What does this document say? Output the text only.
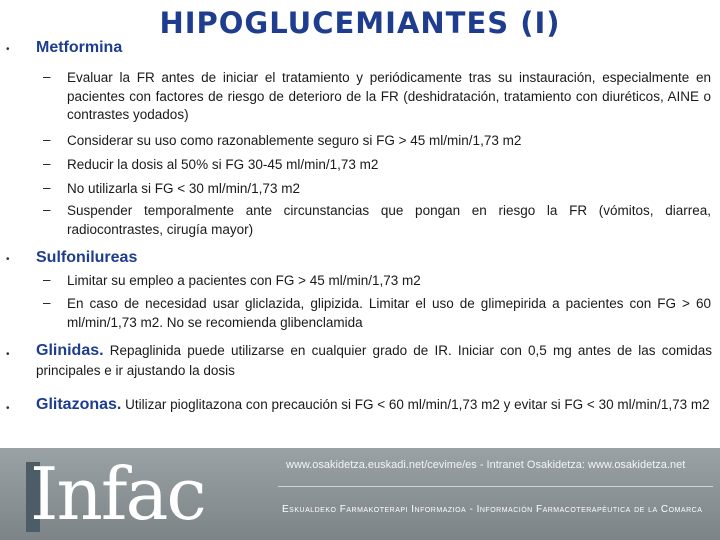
HIPOGLUCEMIANTES (I)
• Metformina
– Evaluar la FR antes de iniciar el tratamiento y periódicamente tras su instauración, especialmente en pacientes con factores de riesgo de deterioro de la FR (deshidratación, tratamiento con diuréticos, AINE o contrastes yodados)
– Considerar su uso como razonablemente seguro si FG > 45 ml/min/1,73 m2
– Reducir la dosis al 50% si FG 30-45 ml/min/1,73 m2
– No utilizarla si FG < 30 ml/min/1,73 m2
– Suspender temporalmente ante circunstancias que pongan en riesgo la FR (vómitos, diarrea, radiocontrastes, cirugía mayor)
• Sulfonilureas
– Limitar su empleo a pacientes con FG > 45 ml/min/1,73 m2
– En caso de necesidad usar gliclazida, glipizida. Limitar el uso de glimepirida a pacientes con FG > 60 ml/min/1,73 m2. No se recomienda glibenclamida
• Glinidas. Repaglinida puede utilizarse en cualquier grado de IR. Iniciar con 0,5 mg antes de las comidas principales e ir ajustando la dosis
• Glitazonas. Utilizar pioglitazona con precaución si FG < 60 ml/min/1,73 m2 y evitar si FG < 30 ml/min/1,73 m2
Infac	www.osakidetza.euskadi.net/cevime/es - Intranet Osakidetza: www.osakidetza.net
Eskualdeko Farmakoterapi Informazioa - Información Farmacoterapéutica de la Comarca
